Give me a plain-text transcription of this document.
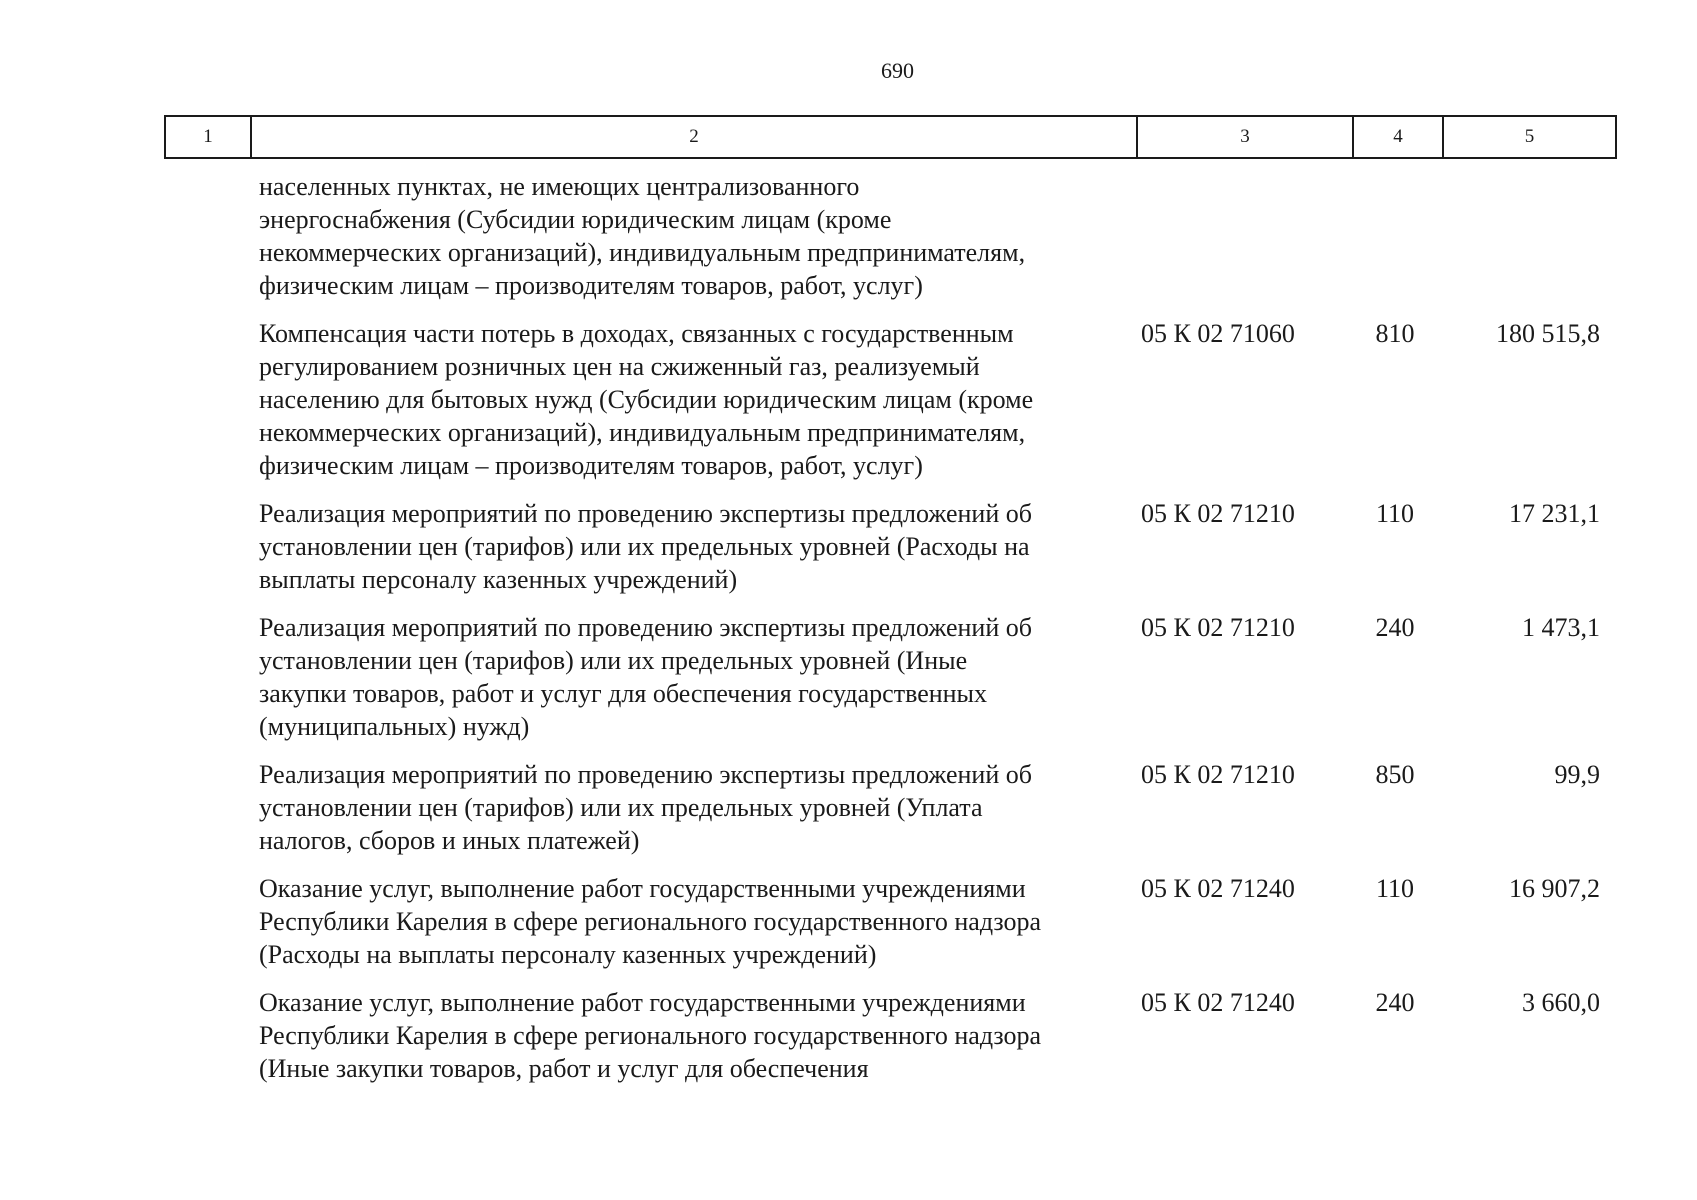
690
1	2	3	4	5
населенных пунктах, не имеющих централизованного
энергоснабжения (Субсидии юридическим лицам (кроме
некоммерческих организаций), индивидуальным предпринимателям,
физическим лицам – производителям товаров, работ, услуг)
Компенсация части потерь в доходах, связанных с государственным
регулированием розничных цен на сжиженный газ, реализуемый
населению для бытовых нужд (Субсидии юридическим лицам (кроме
некоммерческих организаций), индивидуальным предпринимателям,
физическим лицам – производителям товаров, работ, услуг)
05 К 02 71060	810	180 515,8
Реализация мероприятий по проведению экспертизы предложений об
установлении цен (тарифов) или их предельных уровней (Расходы на
выплаты персоналу казенных учреждений)
05 К 02 71210	110	17 231,1
Реализация мероприятий по проведению экспертизы предложений об
установлении цен (тарифов) или их предельных уровней (Иные
закупки товаров, работ и услуг для обеспечения государственных
(муниципальных) нужд)
05 К 02 71210	240	1 473,1
Реализация мероприятий по проведению экспертизы предложений об
установлении цен (тарифов) или их предельных уровней (Уплата
налогов, сборов и иных платежей)
05 К 02 71210	850	99,9
Оказание услуг, выполнение работ государственными учреждениями
Республики Карелия в сфере регионального государственного надзора
(Расходы на выплаты персоналу казенных учреждений)
05 К 02 71240	110	16 907,2
Оказание услуг, выполнение работ государственными учреждениями
Республики Карелия в сфере регионального государственного надзора
(Иные закупки товаров, работ и услуг для обеспечения
05 К 02 71240	240	3 660,0
